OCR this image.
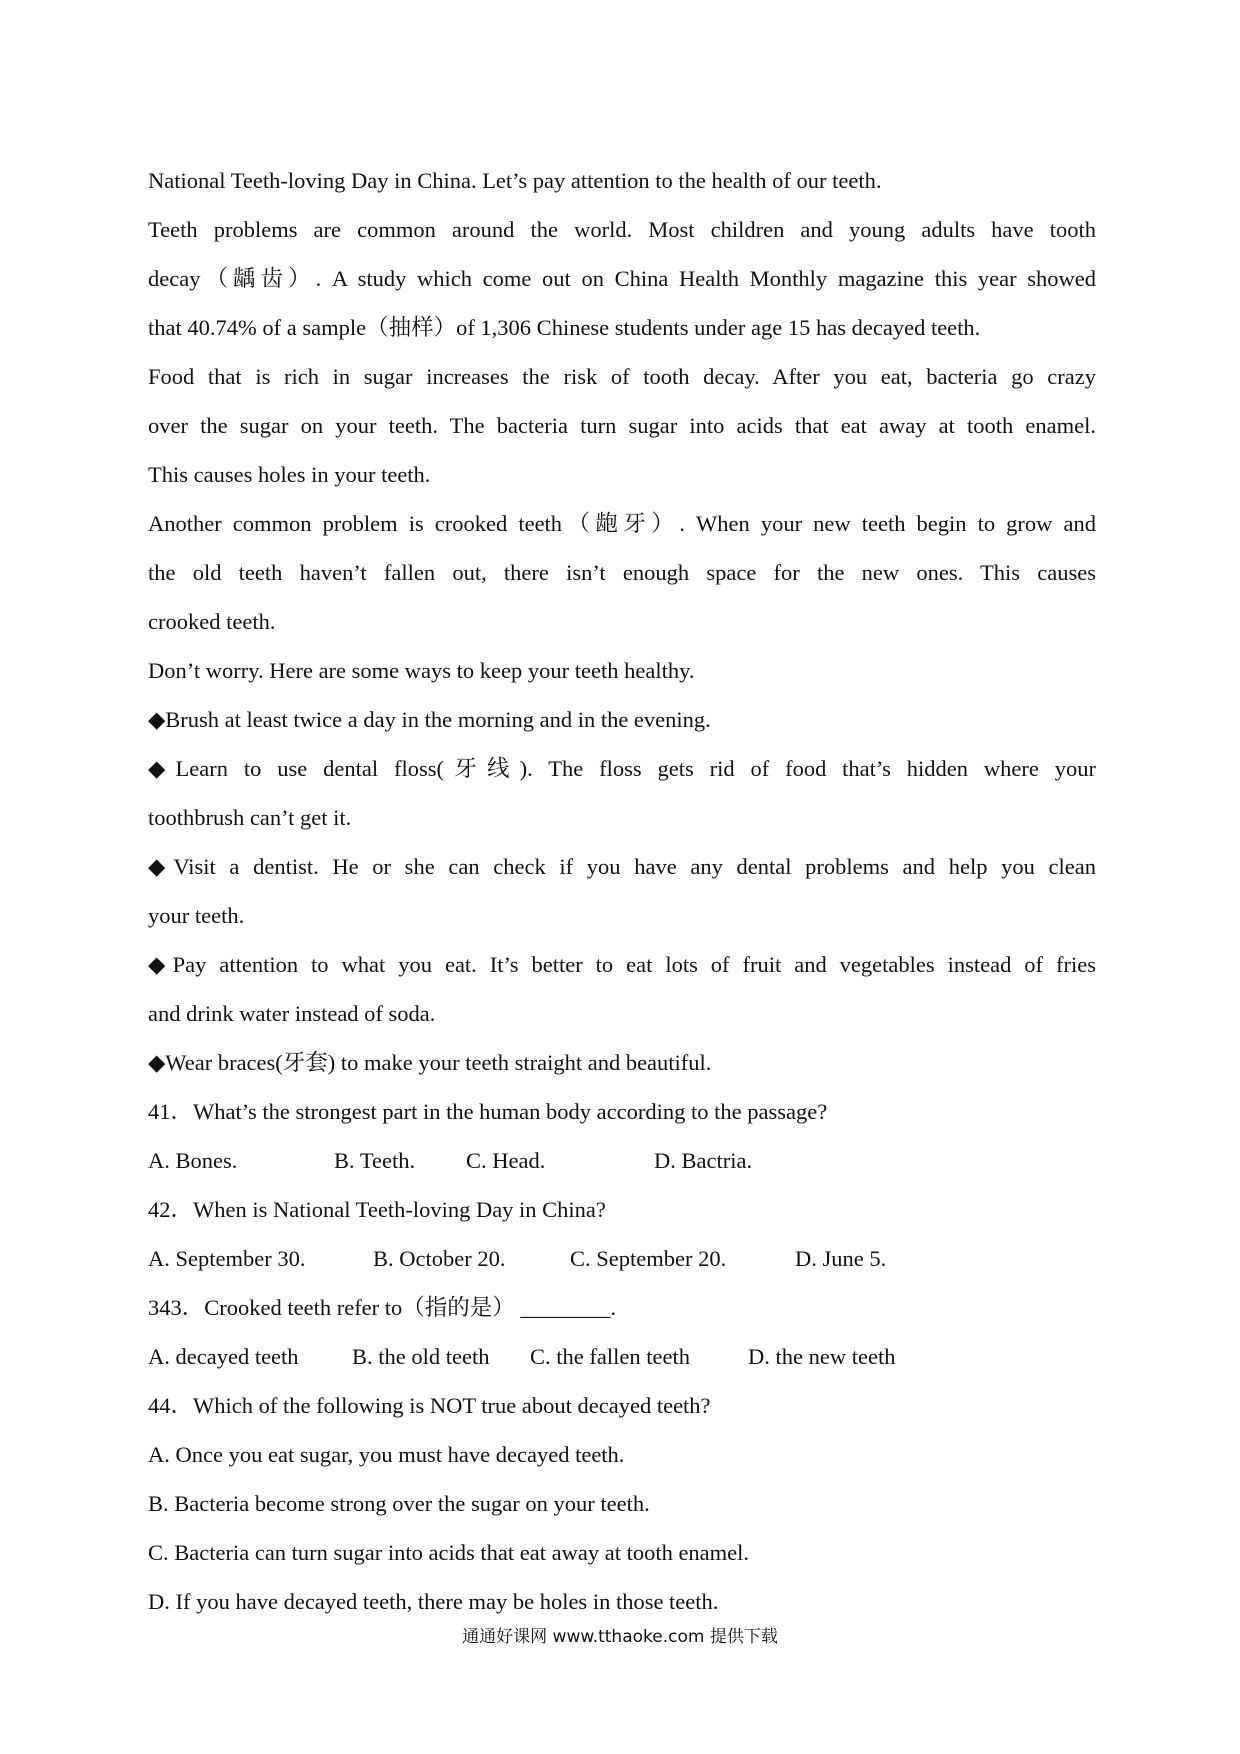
National Teeth-loving Day in China. Let’s pay attention to the health of our teeth.
Teeth problems are common around the world. Most children and young adults have tooth
decay（龋齿）. A study which come out on China Health Monthly magazine this year showed
that 40.74% of a sample（抽样）of 1,306 Chinese students under age 15 has decayed teeth.
Food that is rich in sugar increases the risk of tooth decay. After you eat, bacteria go crazy
over the sugar on your teeth. The bacteria turn sugar into acids that eat away at tooth enamel.
This causes holes in your teeth.
Another common problem is crooked teeth（龅牙）. When your new teeth begin to grow and
the old teeth haven’t fallen out, there isn’t enough space for the new ones. This causes
crooked teeth.
Don’t worry. Here are some ways to keep your teeth healthy.
◆Brush at least twice a day in the morning and in the evening.
◆Learn to use dental floss(牙线). The floss gets rid of food that’s hidden where your
toothbrush can’t get it.
◆Visit a dentist. He or she can check if you have any dental problems and help you clean
your teeth.
◆Pay attention to what you eat. It’s better to eat lots of fruit and vegetables instead of fries
and drink water instead of soda.
◆Wear braces(牙套) to make your teeth straight and beautiful.
41．What’s the strongest part in the human body according to the passage?
A. Bones.	B. Teeth. C. Head.	D. Bactria.
42．When is National Teeth-loving Day in China?
A. September 30.	B. October 20.	C. September 20.	D. June 5.
343．Crooked teeth refer to（指的是） ________.
A. decayed teeth B. the old teeth C. the fallen teeth	D. the new teeth
44．Which of the following is NOT true about decayed teeth?
A. Once you eat sugar, you must have decayed teeth.
B. Bacteria become strong over the sugar on your teeth.
C. Bacteria can turn sugar into acids that eat away at tooth enamel.
D. If you have decayed teeth, there may be holes in those teeth.
通通好课网 www.tthaoke.com 提供下载
